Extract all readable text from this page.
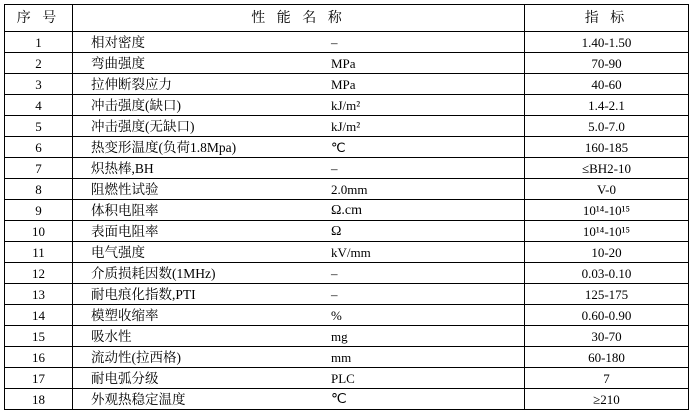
序 号	性 能 名 称	指 标
1	相对密度 –	1.40-1.50
2	弯曲强度 MPa	70-90
3	拉伸断裂应力 MPa	40-60
4	冲击强度(缺口) kJ/m²	1.4-2.1
5	冲击强度(无缺口) kJ/m²	5.0-7.0
6	热变形温度(负荷1.8Mpa) ℃	160-185
7	炽热棒,BH –	≤BH2-10
8	阻燃性试验 2.0mm	V-0
9	体积电阻率 Ω.cm	10¹⁴-10¹⁵
10	表面电阻率 Ω	10¹⁴-10¹⁵
11	电气强度 kV/mm	10-20
12	介质损耗因数(1MHz) –	0.03-0.10
13	耐电痕化指数,PTI –	125-175
14	模塑收缩率 %	0.60-0.90
15	吸水性 mg	30-70
16	流动性(拉西格) mm	60-180
17	耐电弧分级 PLC	7
18	外观热稳定温度 ℃	≥210
